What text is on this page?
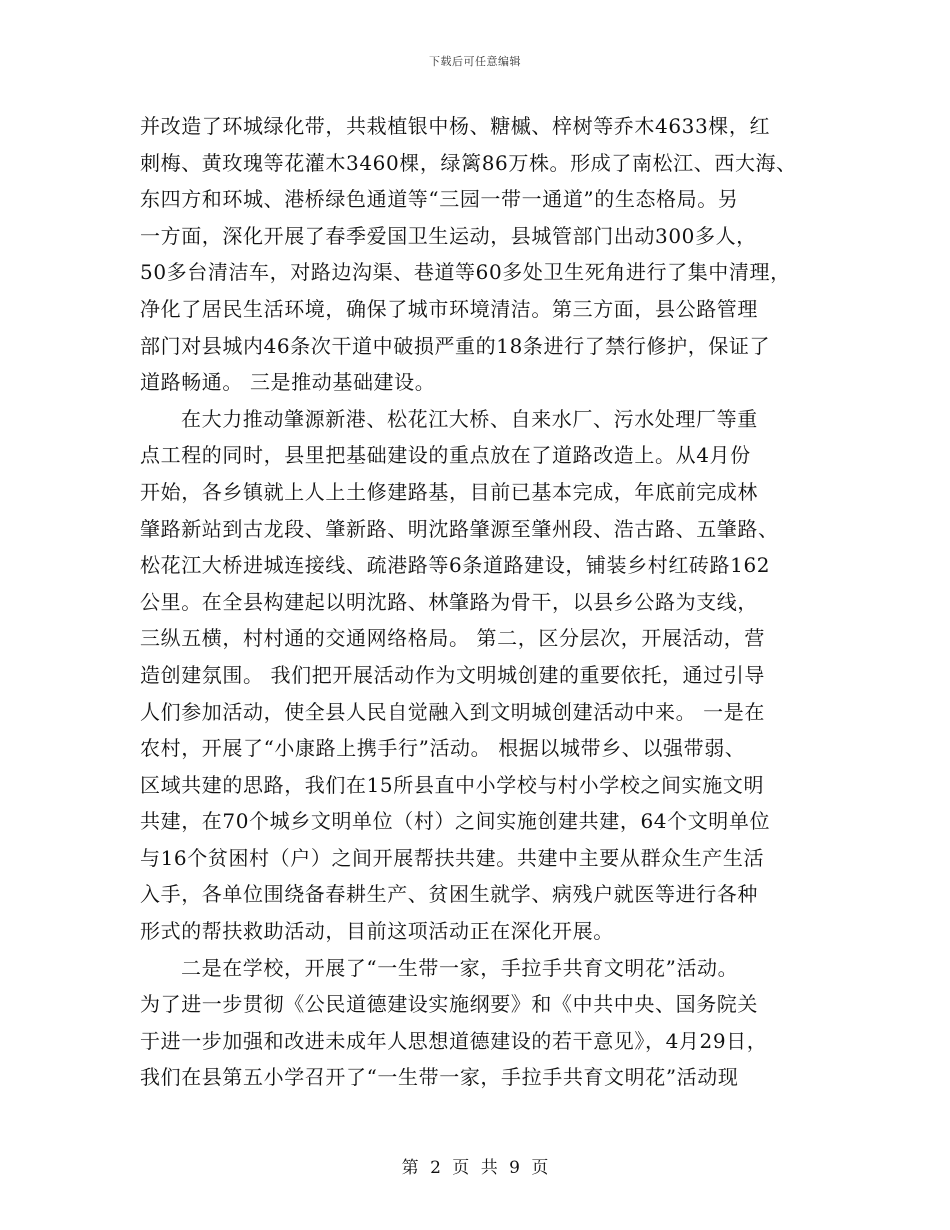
下载后可任意编辑
并改造了环城绿化带，共栽植银中杨、糖槭、梓树等乔木4633棵，红
刺梅、黄玫瑰等花灌木3460棵，绿篱86万株。形成了南松江、西大海、
东四方和环城、港桥绿色通道等“三园一带一通道”的生态格局。另
一方面，深化开展了春季爱国卫生运动，县城管部门出动300多人，
50多台清洁车，对路边沟渠、巷道等60多处卫生死角进行了集中清理，
净化了居民生活环境，确保了城市环境清洁。第三方面，县公路管理
部门对县城内46条次干道中破损严重的18条进行了禁行修护，保证了
道路畅通。 三是推动基础建设。
在大力推动肇源新港、松花江大桥、自来水厂、污水处理厂等重
点工程的同时，县里把基础建设的重点放在了道路改造上。从4月份
开始，各乡镇就上人上土修建路基，目前已基本完成，年底前完成林
肇路新站到古龙段、肇新路、明沈路肇源至肇州段、浩古路、五肇路、
松花江大桥进城连接线、疏港路等6条道路建设，铺装乡村红砖路162
公里。在全县构建起以明沈路、林肇路为骨干，以县乡公路为支线，
三纵五横，村村通的交通网络格局。 第二，区分层次，开展活动，营
造创建氛围。 我们把开展活动作为文明城创建的重要依托，通过引导
人们参加活动，使全县人民自觉融入到文明城创建活动中来。 一是在
农村，开展了“小康路上携手行”活动。 根据以城带乡、以强带弱、
区域共建的思路，我们在15所县直中小学校与村小学校之间实施文明
共建，在70个城乡文明单位（村）之间实施创建共建，64个文明单位
与16个贫困村（户）之间开展帮扶共建。共建中主要从群众生产生活
入手，各单位围绕备春耕生产、贫困生就学、病残户就医等进行各种
形式的帮扶救助活动，目前这项活动正在深化开展。
二是在学校，开展了“一生带一家，手拉手共育文明花”活动。
为了进一步贯彻《公民道德建设实施纲要》和《中共中央、国务院关
于进一步加强和改进未成年人思想道德建设的若干意见》，4月29日，
我们在县第五小学召开了“一生带一家，手拉手共育文明花”活动现
第 2 页 共 9 页
